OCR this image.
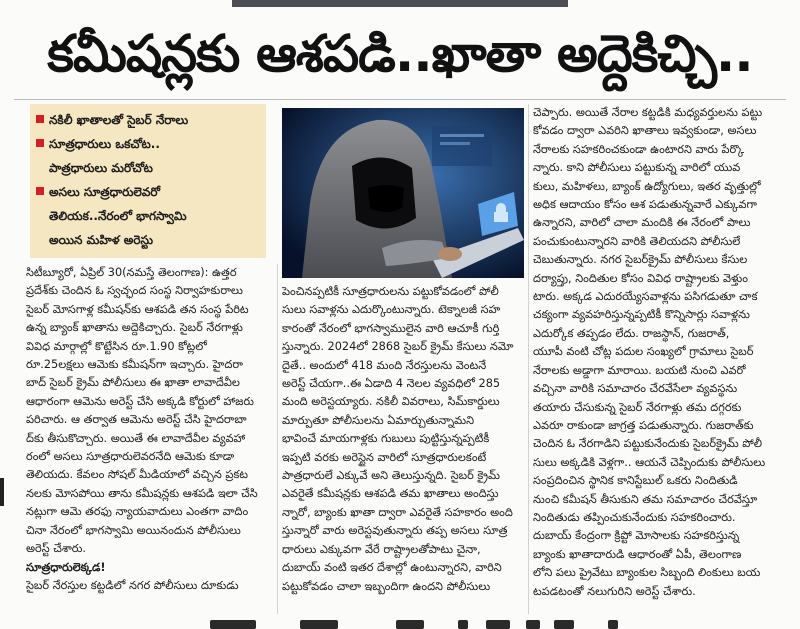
కమీషన్లకు ఆశపడి..ఖాతా అద్దెకిచ్చి..
నకిలీ ఖాతాలతో సైబర్‌ నేరాలు
సూత్రధారులు ఒకచోట..
పాత్రధారులు మరోచోట
అసలు సూత్రధారులెవరో
తెలియక..నేరంలో భాగస్వామి
అయిన మహిళ అరెస్టు

సిటీబ్యూరో, ఏప్రిల్‌ 30(నమస్తే తెలంగాణ): ఉత్తర
ప్రదేశ్‌కు చెందిన ఓ స్వచ్ఛంద సంస్థ నిర్వాహకురాలు
సైబర్‌ మోసగాళ్ల కమీషన్‌కు ఆశపడి తన సంస్థ పేరిట
ఉన్న బ్యాంక్‌ ఖాతాను అద్దెకిచ్చారు. సైబర్‌ నేరగాళ్లు
వివిధ మార్గాల్లో కొట్టేసిన రూ.1.90 కోట్లలో
రూ.25లక్షలు ఆమెకు కమీషన్‌గా ఇచ్చారు. హైదరా
బాద్‌ సైబర్‌ క్రైమ్‌ పోలీసులు ఈ ఖాతా లావాదేవీల
ఆధారంగా ఆమెను అరెస్ట్‌ చేసి అక్కడి కోర్టులో హాజరు
పరిచారు. ఆ తర్వాత ఆమెను అరెస్ట్‌ చేసి హైదరాబా
ద్‌కు తీసుకొచ్చారు. అయితే ఈ లావాదేవీల వ్యవహా
రంలో అసలు సూత్రధారులెవరనేది ఆమెకు కూడా
తెలియదు. కేవలం సోషల్‌ మీడియాలో వచ్చిన ప్రకట
నలకు మోసపోయి తాను కమీషన్లకు ఆశపడి ఇలా చేసి
నట్లుగా ఆమె తరఫు న్యాయవాదులు ఎంతగా వాదిం
చినా నేరంలో భాగస్వామి అయినందున పోలీసులు
అరెస్ట్‌ చేశారు.

సూత్రధారులెక్కడ!

సైబర్‌ నేరస్తుల కట్టడిలో నగర పోలీసులు దూకుడు

పెంచినప్పటికీ సూత్రధారులను పట్టుకోవడంలో పోలీ
సులు సవాళ్లను ఎదుర్కొంటున్నారు. టెక్నాలజీ సహ
కారంతో నేరంలో భాగస్వాములైన వారి ఆచూకీ గుర్తి
స్తున్నారు. 2024లో 2868 సైబర్‌ క్రైమ్‌ కేసులు నమో
దైతే.. అందులో 418 మంది నేరస్తులను వెంటనే
అరెస్ట్‌ చేయగా..ఈ ఏడాది 4 నెలల వ్యవధిలో 285
మంది అరెస్టయ్యారు. నకిలీ వివరాలు, సిమ్‌కార్డులు
మార్పుతూ పోలీసులను ఏమార్చుతున్నామని
భావించే మాయగాళ్లకు గుబులు పుట్టిస్తున్నప్పటికీ
ఇప్పటి వరకు అరెస్టైన వారిలో సూత్రధారులకంటే
పాత్రధారులే ఎక్కువే అని తెలుస్తున్నది. సైబర్‌ క్రైమ్‌
ఎవరైతే కమీషన్లకు ఆశపడి తమ ఖాతాలు అందిస్తు
న్నారో, బ్యాంకు ఖాతా ద్వారా ఎవరైతే సహకారం అంది
స్తున్నారో వారు అరెస్టవుతున్నారు తప్ప అసలు సూత్ర
ధారులు ఎక్కువగా వేరే రాష్ట్రాలతోపాటు చైనా,
దుబాయ్‌ వంటి ఇతర దేశాల్లో ఉంటున్నారని, వారిని
పట్టుకోవడం చాలా ఇబ్బందిగా ఉందని పోలీసులు
చెప్పారు. అయితే నేరాల కట్టడికి మధ్యవర్తులను పట్టు
కోవడం ద్వారా ఎవరిని ఖాతాలు ఇవ్వకుండా, అసలు
నేరాలకు సహకరించకుండా ఉంటారని వారు పేర్కొ
న్నారు. కాని పోలీసులు పట్టుకున్న వారిలో యువ
కులు, మహిళలు, బ్యాంక్‌ ఉద్యోగులు, ఇతర వృత్తుల్లో
అధిక ఆదాయం కోసం ఆశ పడుతున్నవారే ఎక్కువగా
ఉన్నారని, వారిలో చాలా మందికి ఈ నేరంలో పాలు
పంచుకుంటున్నారని వారికి తెలియదని పోలీసులే
చెబుతున్నారు. నగర సైబర్‌క్రైమ్‌ పోలీసులు కేసుల
దర్యాప్తు, నిందితుల కోసం వివిధ రాష్ట్రాలకు వెళ్తుం
టారు. అక్కడ ఎదురయ్యేసవాళ్లను పసిగడుతూ చాక
చక్యంగా వ్యవహరిస్తున్నప్పటికీ కొన్నిసార్లు సవాళ్లను
ఎదుర్కోక తప్పడం లేదు. రాజస్థాన్‌, గుజరాత్‌,
యూపీ వంటి చోట్ల పదుల సంఖ్యలో గ్రామాలు సైబర్‌
నేరాలకు అడ్డాగా మారాయి. బయటి నుంచి ఎవరో
వచ్చినా వారికి సమాచారం చేరవేసేలా వ్యవస్థను
తయారు చేసుకున్న సైబర్‌ నేరగాళ్లు తమ దగ్గరకు
ఎవరూ రాకుండా జాగ్రత్త పడుతున్నారు. గుజరాత్‌కు
చెందిన ఓ నేరగాడిని పట్టుకునేందుకు సైబర్‌క్రైమ్‌ పోలీ
సులు అక్కడికి వెళ్లగా.. ఆయనే చెప్పిందుకు పోలీసులు
సంప్రదించిన స్థానిక కానిస్టేబుల్‌ ఒకరు నిందితుడి
నుంచి కమీషన్‌ తీసుకుని తమ సమాచారం చేరవేస్తూ
నిందితుడు తప్పించుకునేందుకు సహకరించారు.
దుబాయ్‌ కేంద్రంగా క్రిప్టో మోసాలకు సహకరిస్తున్న
బ్యాంకు ఖాతాదారుడి ఆధారంతో ఏపీ, తెలంగాణ
లోని పలు ప్రైవేటు బ్యాంకుల సిబ్బంది లింకులు బయ
టపడటంతో నలుగురిని అరెస్ట్‌ చేశారు.
